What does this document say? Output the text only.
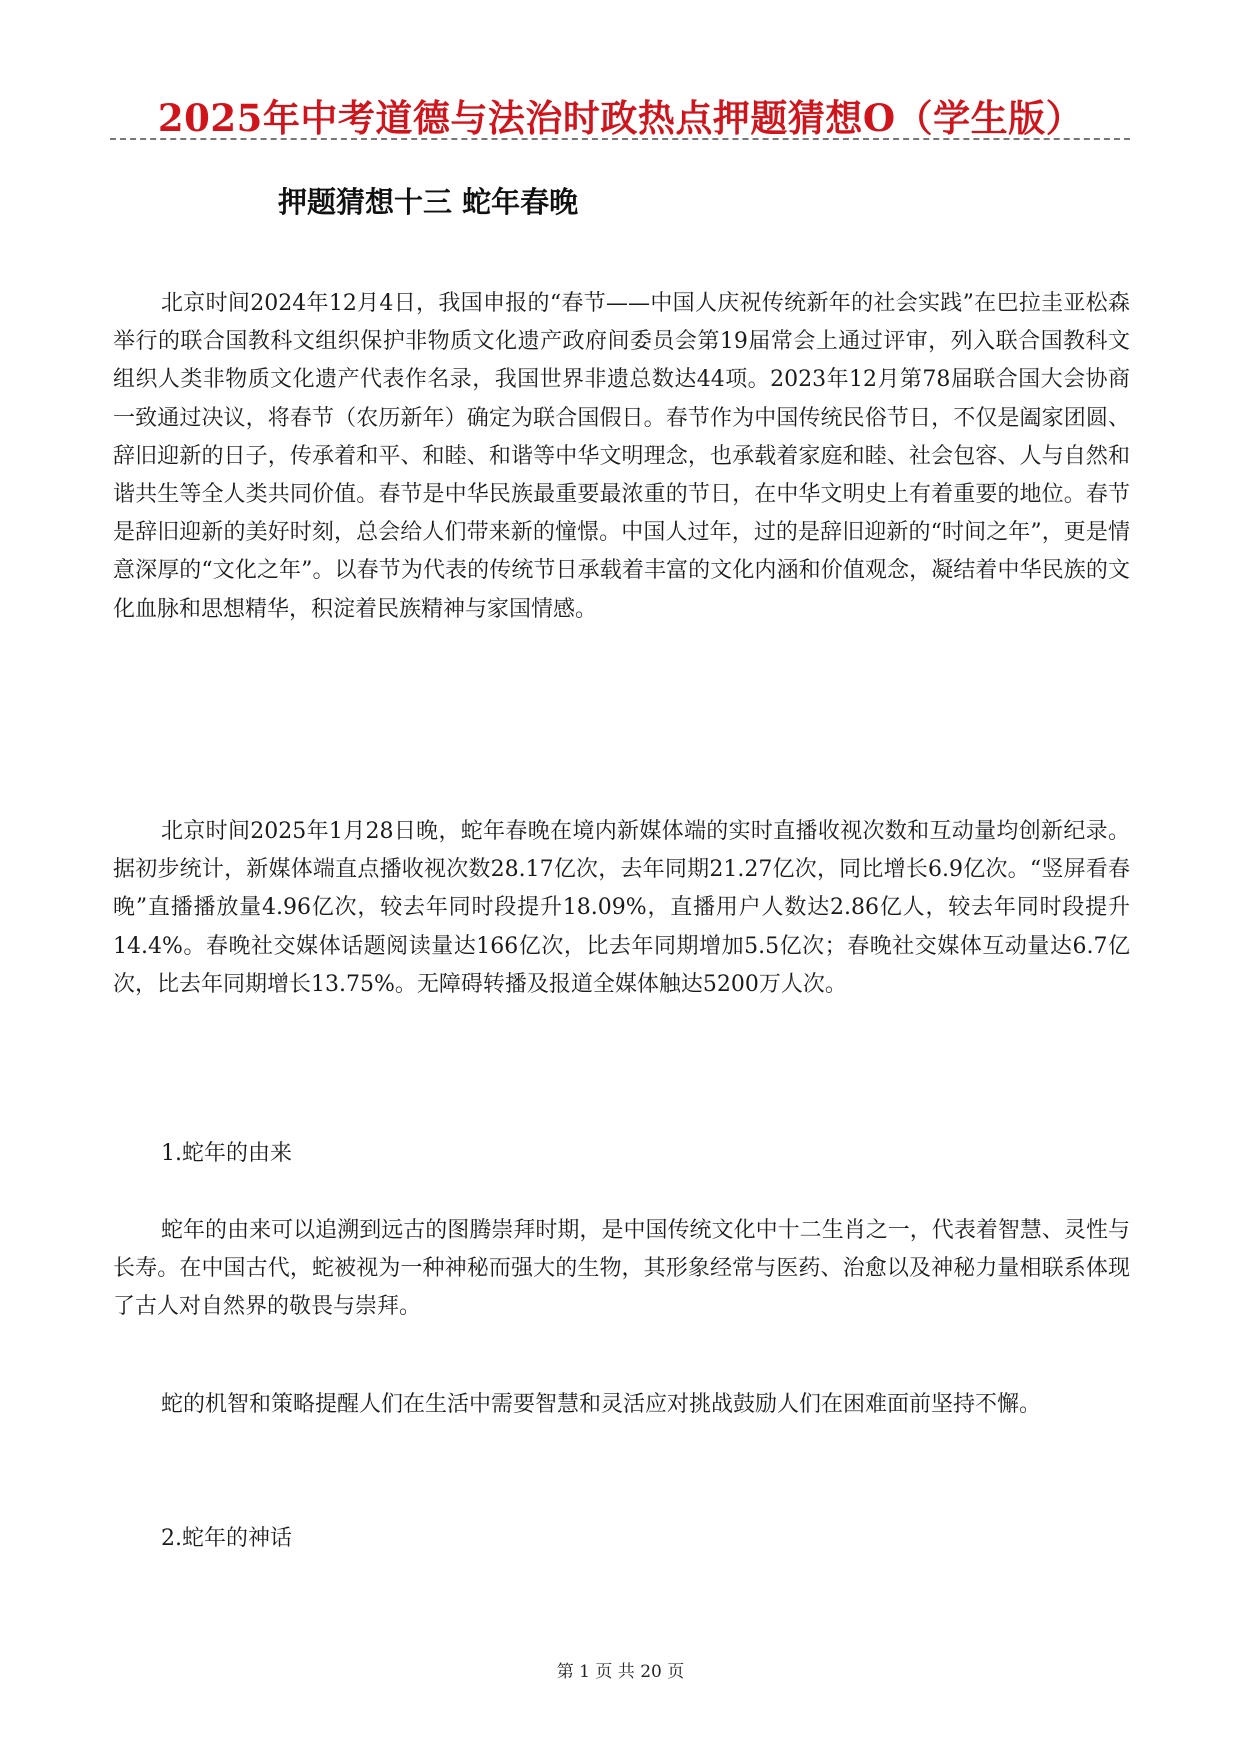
2025年中考道德与法治时政热点押题猜想O（学生版）
押题猜想十三 蛇年春晚

北京时间2024年12月4日，我国申报的“春节——中国人庆祝传统新年的社会实践”在巴拉圭亚松森举行的联合国教科文组织保护非物质文化遗产政府间委员会第19届常会上通过评审，列入联合国教科文组织人类非物质文化遗产代表作名录，我国世界非遗总数达44项。2023年12月第78届联合国大会协商一致通过决议，将春节（农历新年）确定为联合国假日。春节作为中国传统民俗节日，不仅是阖家团圆、辞旧迎新的日子，传承着和平、和睦、和谐等中华文明理念，也承载着家庭和睦、社会包容、人与自然和谐共生等全人类共同价值。春节是中华民族最重要最浓重的节日，在中华文明史上有着重要的地位。春节是辞旧迎新的美好时刻，总会给人们带来新的憧憬。中国人过年，过的是辞旧迎新的“时间之年”，更是情意深厚的“文化之年”。以春节为代表的传统节日承载着丰富的文化内涵和价值观念，凝结着中华民族的文化血脉和思想精华，积淀着民族精神与家国情感。

北京时间2025年1月28日晚，蛇年春晚在境内新媒体端的实时直播收视次数和互动量均创新纪录。据初步统计，新媒体端直点播收视次数28.17亿次，去年同期21.27亿次，同比增长6.9亿次。“竖屏看春晚”直播播放量4.96亿次，较去年同时段提升18.09%，直播用户人数达2.86亿人，较去年同时段提升14.4%。春晚社交媒体话题阅读量达166亿次，比去年同期增加5.5亿次；春晚社交媒体互动量达6.7亿次，比去年同期增长13.75%。无障碍转播及报道全媒体触达5200万人次。

1.蛇年的由来

蛇年的由来可以追溯到远古的图腾崇拜时期，是中国传统文化中十二生肖之一，代表着智慧、灵性与长寿。在中国古代，蛇被视为一种神秘而强大的生物，其形象经常与医药、治愈以及神秘力量相联系体现了古人对自然界的敬畏与崇拜。

蛇的机智和策略提醒人们在生活中需要智慧和灵活应对挑战鼓励人们在困难面前坚持不懈。

2.蛇年的神话
第 1 页 共 20 页
